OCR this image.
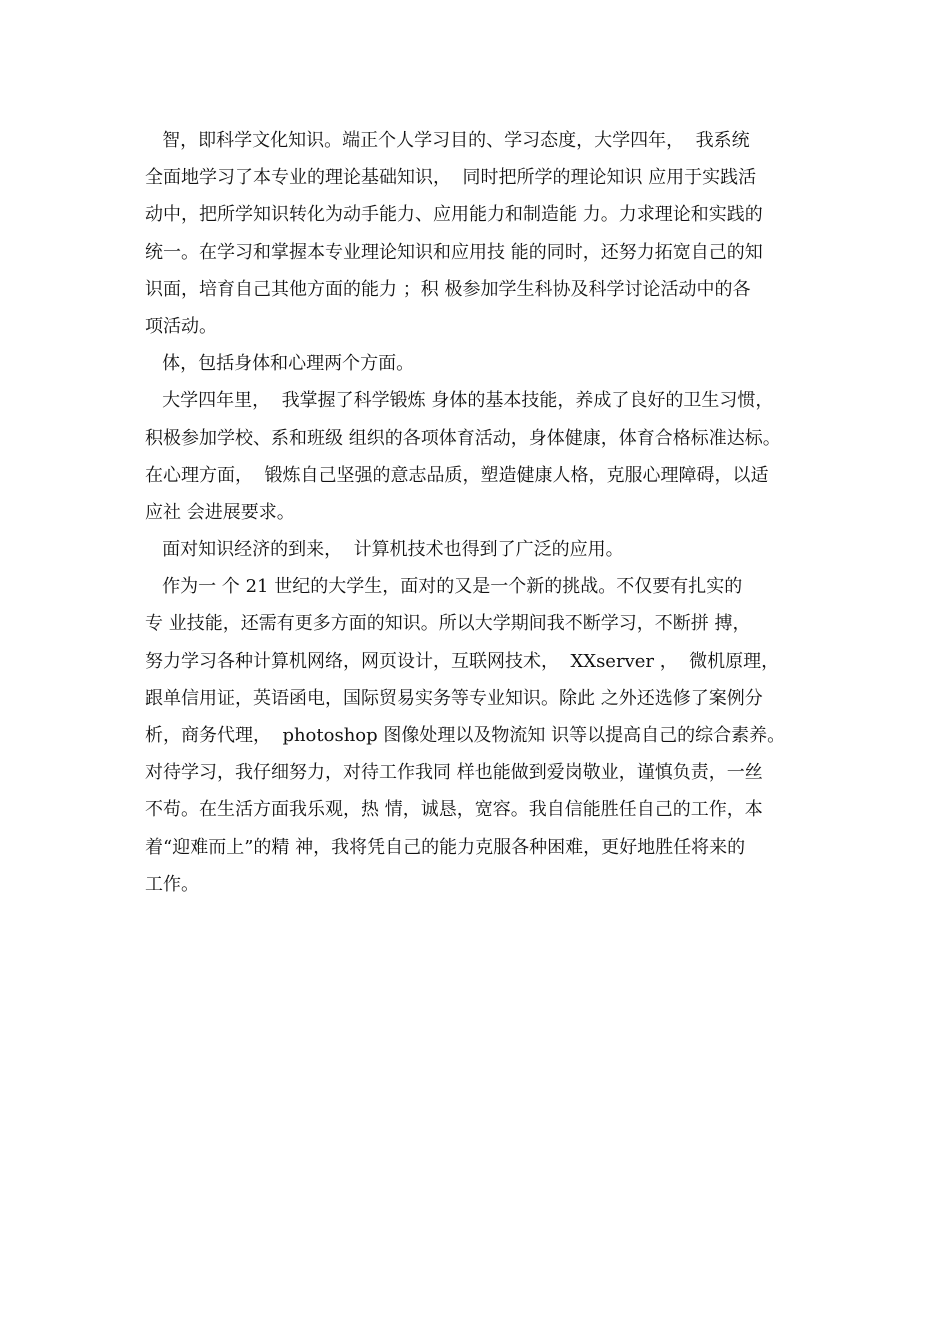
智，即科学文化知识。端正个人学习目的、学习态度，大学四年，  我系统
全面地学习了本专业的理论基础知识，  同时把所学的理论知识 应用于实践活
动中，把所学知识转化为动手能力、应用能力和制造能 力。力求理论和实践的
统一。在学习和掌握本专业理论知识和应用技 能的同时，还努力拓宽自己的知
识面，培育自己其他方面的能力 ；积 极参加学生科协及科学讨论活动中的各
项活动。
体，包括身体和心理两个方面。
大学四年里，  我掌握了科学锻炼 身体的基本技能，养成了良好的卫生习惯，
积极参加学校、系和班级 组织的各项体育活动，身体健康，体育合格标准达标。
在心理方面，  锻炼自己坚强的意志品质，塑造健康人格，克服心理障碍，以适
应社 会进展要求。
面对知识经济的到来，  计算机技术也得到了广泛的应用。
作为一 个 21 世纪的大学生，面对的又是一个新的挑战。不仅要有扎实的
专 业技能，还需有更多方面的知识。所以大学期间我不断学习，不断拼 搏，
努力学习各种计算机网络，网页设计，互联网技术，  XXserver ，  微机原理，
跟单信用证，英语函电，国际贸易实务等专业知识。除此 之外还选修了案例分
析，商务代理，  photoshop 图像处理以及物流知 识等以提高自己的综合素养。
对待学习，我仔细努力，对待工作我同 样也能做到爱岗敬业，谨慎负责，一丝
不苟。在生活方面我乐观，热 情，诚恳，宽容。我自信能胜任自己的工作，本
着“迎难而上”的精 神，我将凭自己的能力克服各种困难，更好地胜任将来的
工作。
